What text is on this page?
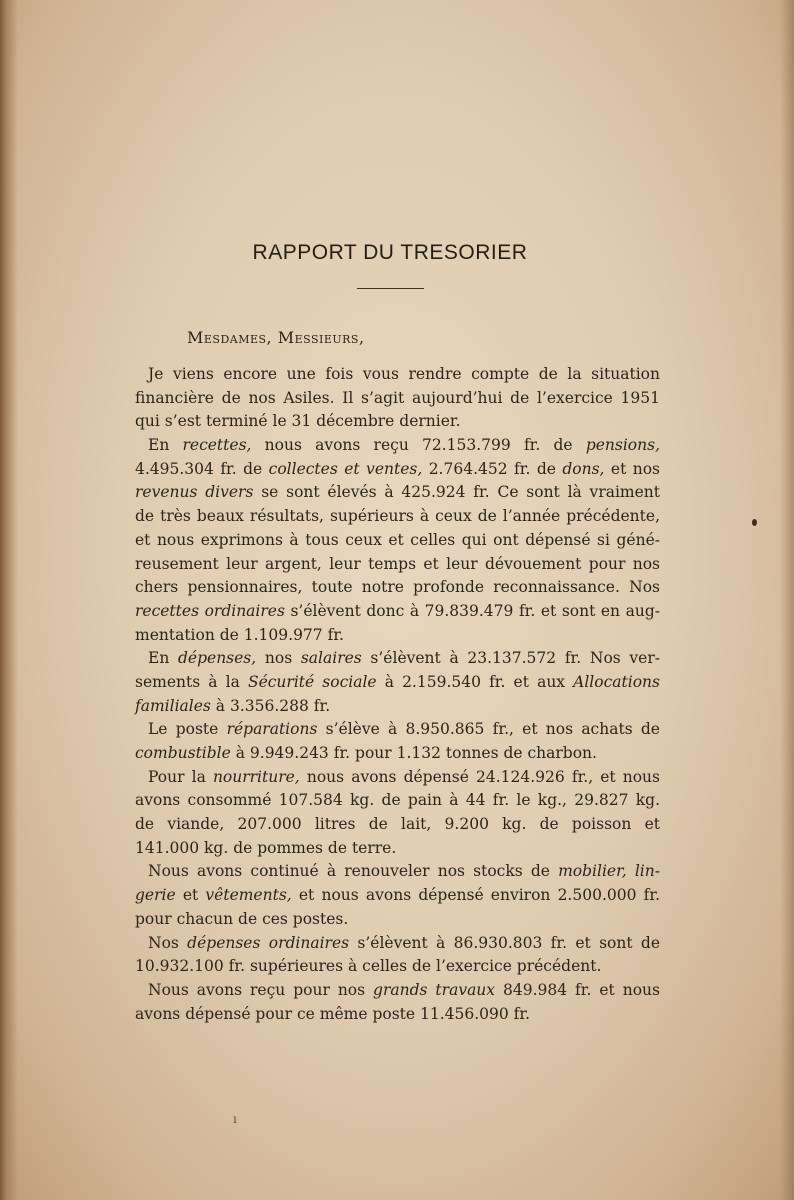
RAPPORT DU TRESORIER
Mesdames, Messieurs,
Je viens encore une fois vous rendre compte de la situation
financière de nos Asiles. Il s’agit aujourd’hui de l’exercice 1951
qui s’est terminé le 31 décembre dernier.
En recettes, nous avons reçu 72.153.799 fr. de pensions,
4.495.304 fr. de collectes et ventes, 2.764.452 fr. de dons, et nos
revenus divers se sont élevés à 425.924 fr. Ce sont là vraiment
de très beaux résultats, supérieurs à ceux de l’année précédente,
et nous exprimons à tous ceux et celles qui ont dépensé si géné-
reusement leur argent, leur temps et leur dévouement pour nos
chers pensionnaires, toute notre profonde reconnaissance. Nos
recettes ordinaires s’élèvent donc à 79.839.479 fr. et sont en aug-
mentation de 1.109.977 fr.
En dépenses, nos salaires s’élèvent à 23.137.572 fr. Nos ver-
sements à la Sécurité sociale à 2.159.540 fr. et aux Allocations
familiales à 3.356.288 fr.
Le poste réparations s’élève à 8.950.865 fr., et nos achats de
combustible à 9.949.243 fr. pour 1.132 tonnes de charbon.
Pour la nourriture, nous avons dépensé 24.124.926 fr., et nous
avons consommé 107.584 kg. de pain à 44 fr. le kg., 29.827 kg.
de viande, 207.000 litres de lait, 9.200 kg. de poisson et
141.000 kg. de pommes de terre.
Nous avons continué à renouveler nos stocks de mobilier, lin-
gerie et vêtements, et nous avons dépensé environ 2.500.000 fr.
pour chacun de ces postes.
Nos dépenses ordinaires s’élèvent à 86.930.803 fr. et sont de
10.932.100 fr. supérieures à celles de l’exercice précédent.
Nous avons reçu pour nos grands travaux 849.984 fr. et nous
avons dépensé pour ce même poste 11.456.090 fr.
ı
